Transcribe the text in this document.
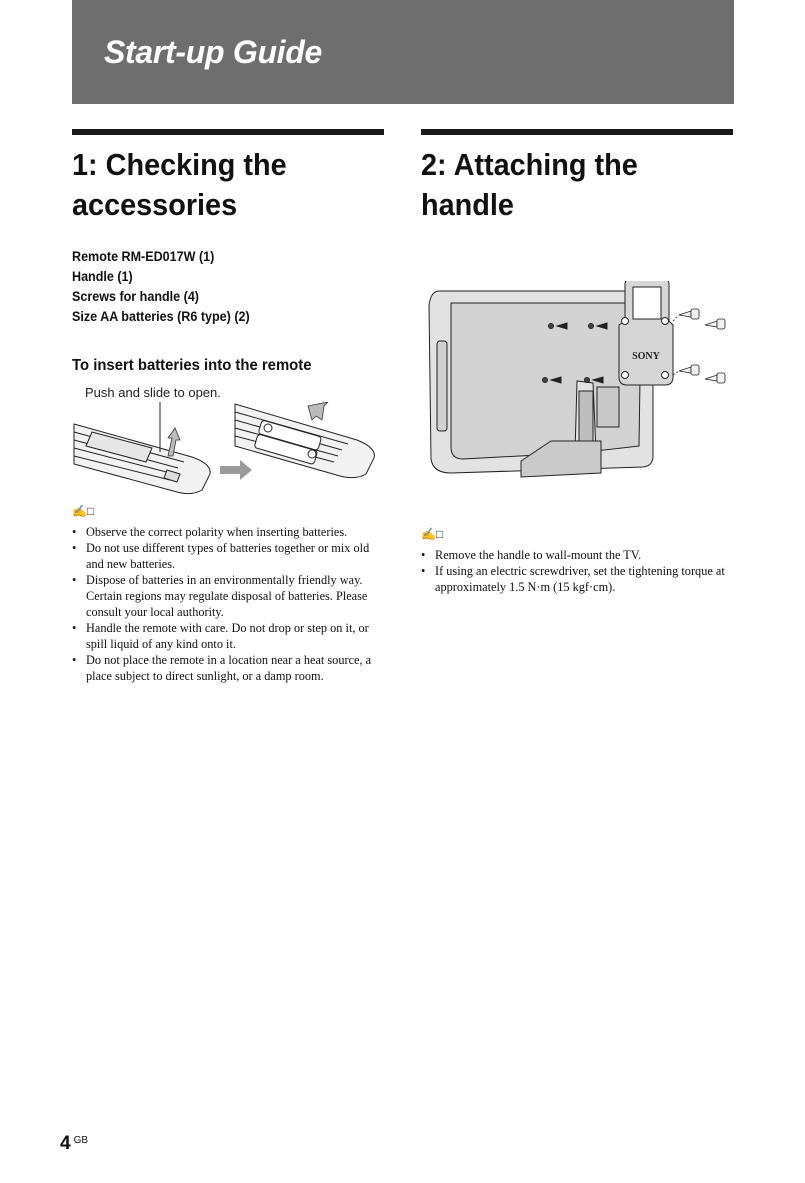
Start-up Guide
1: Checking the accessories
Remote RM-ED017W (1)
Handle (1)
Screws for handle (4)
Size AA batteries (R6 type) (2)
To insert batteries into the remote
Push and slide to open.
✍​□
• Observe the correct polarity when inserting batteries.
• Do not use different types of batteries together or mix old and new batteries.
• Dispose of batteries in an environmentally friendly way. Certain regions may regulate disposal of batteries. Please consult your local authority.
• Handle the remote with care. Do not drop or step on it, or spill liquid of any kind onto it.
• Do not place the remote in a location near a heat source, a place subject to direct sunlight, or a damp room.
2: Attaching the handle
SONY
✍​□
• Remove the handle to wall-mount the TV.
• If using an electric screwdriver, set the tightening torque at approximately 1.5 N·m (15 kgf·cm).
4 $^{GB}$
